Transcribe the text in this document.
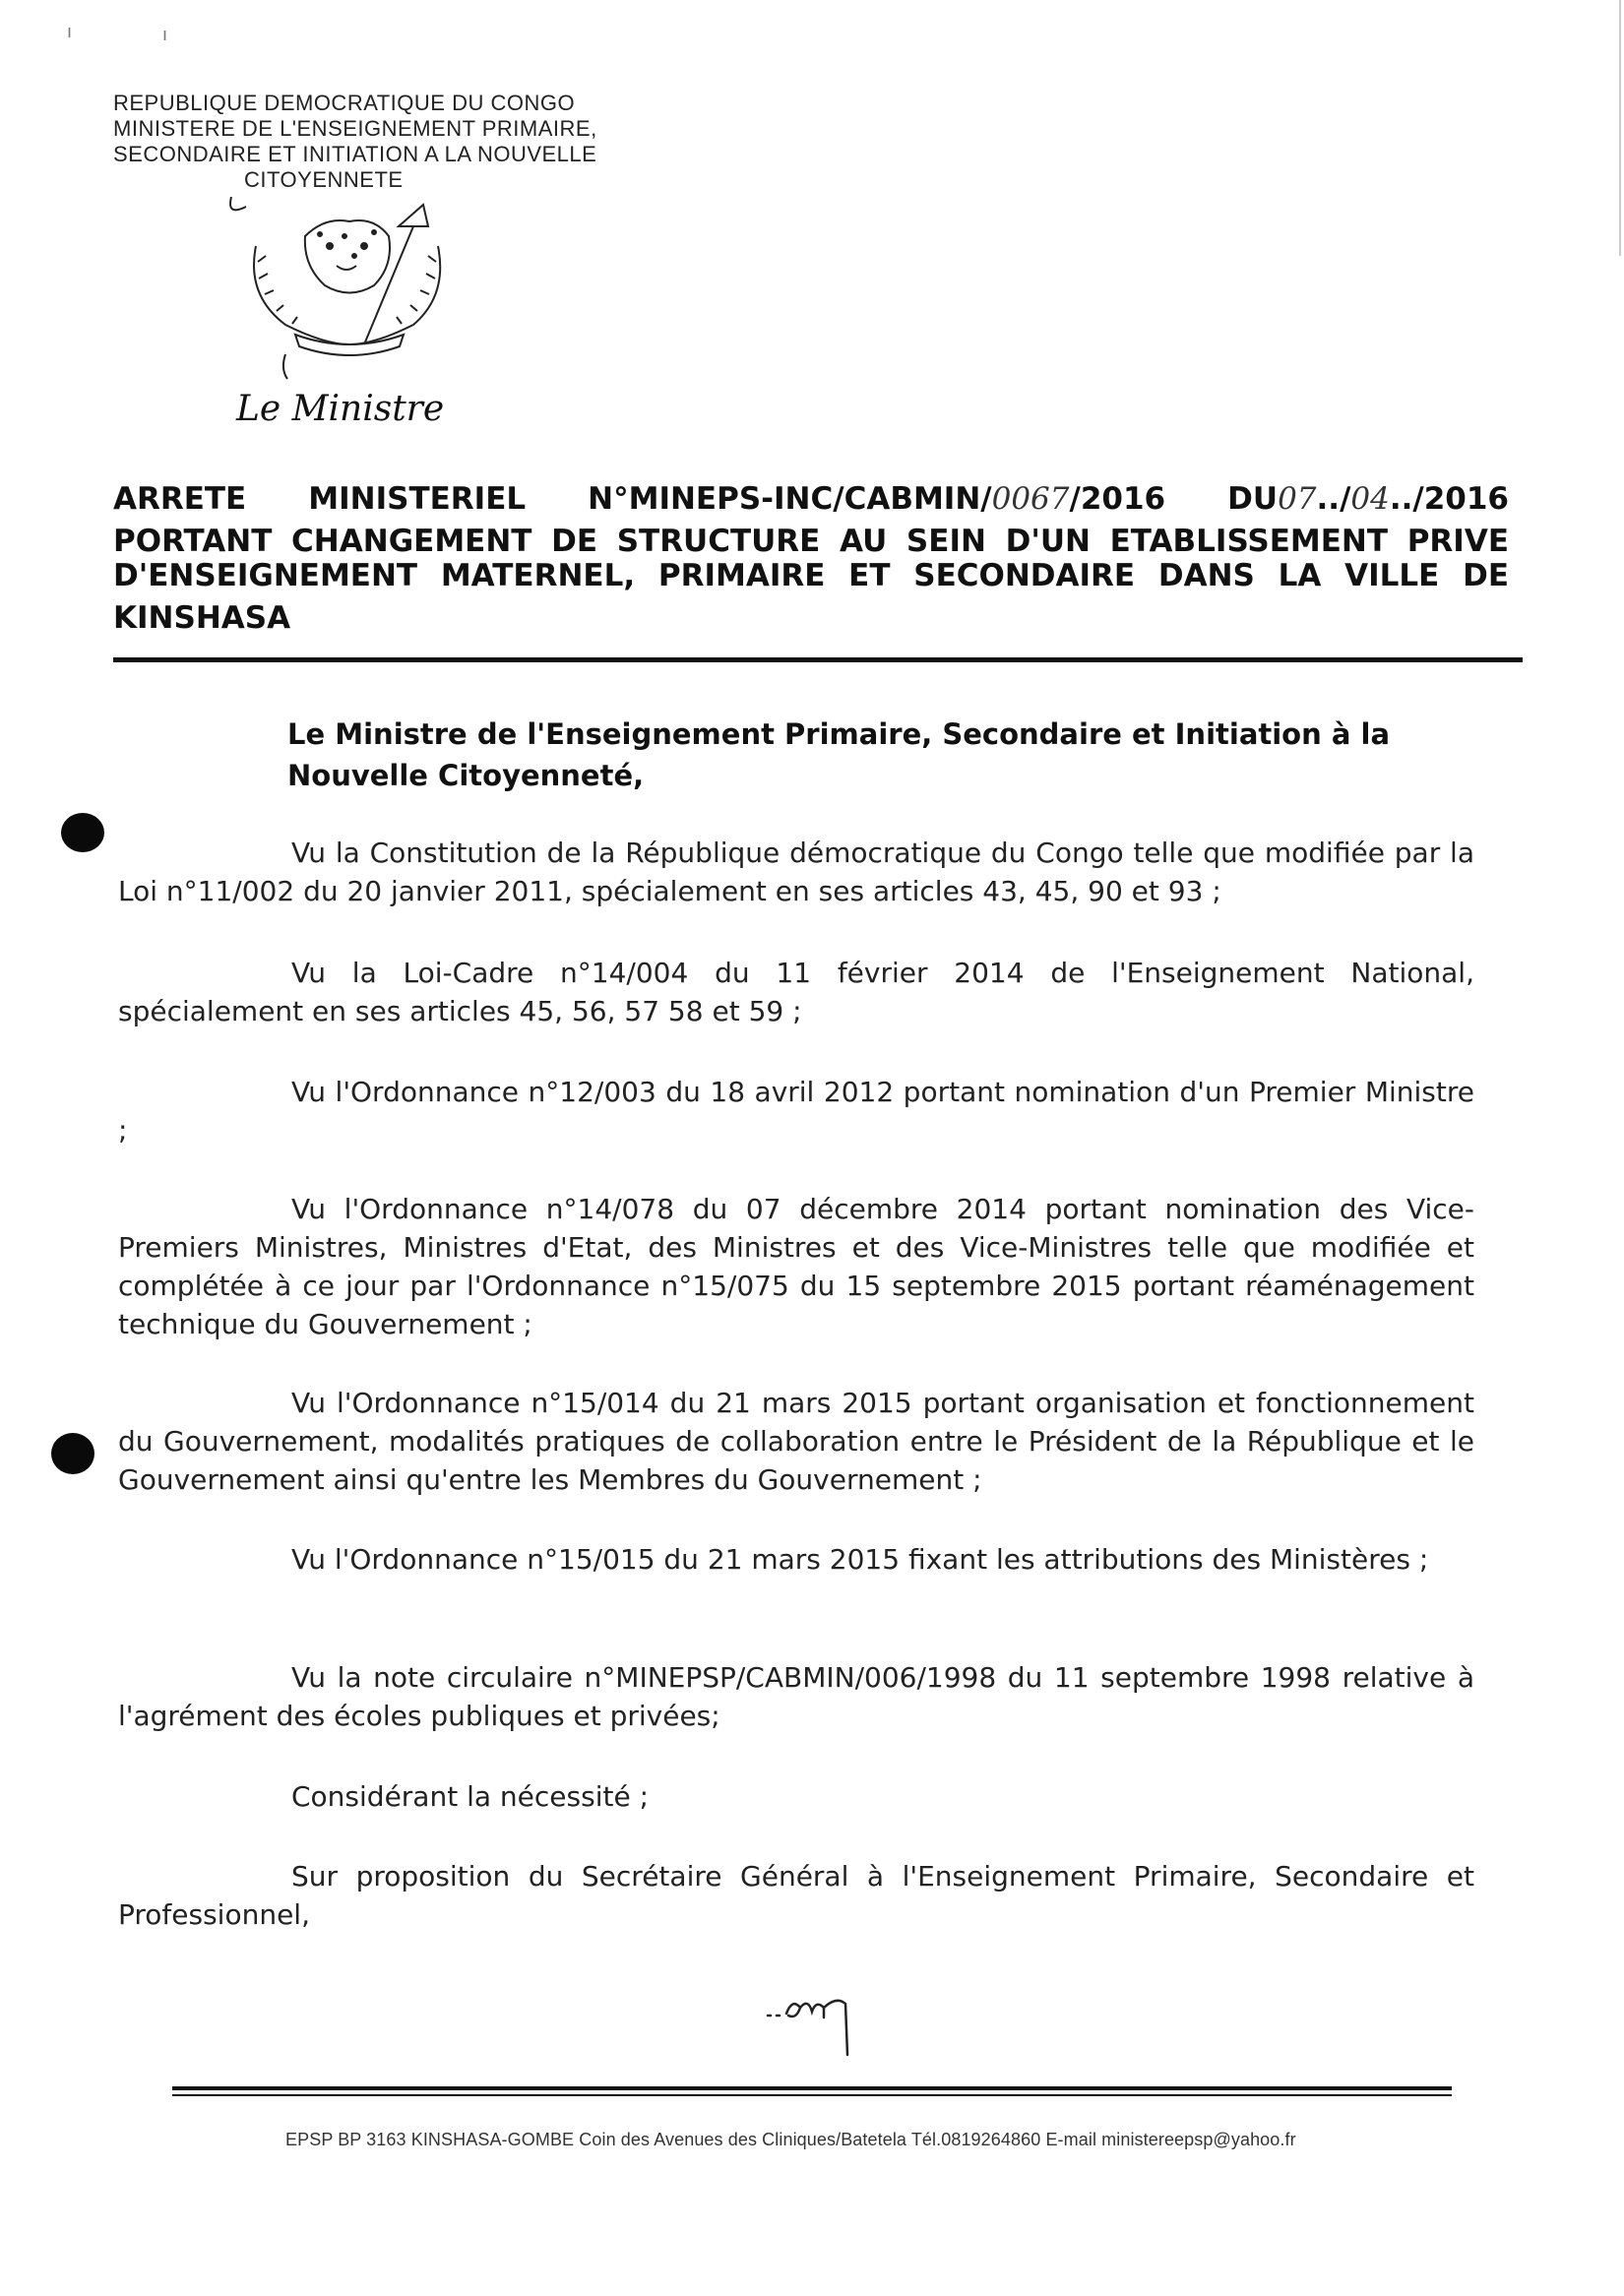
ı	ı
REPUBLIQUE DEMOCRATIQUE DU CONGO
MINISTERE DE L'ENSEIGNEMENT PRIMAIRE,
SECONDAIRE ET INITIATION A LA NOUVELLE
CITOYENNETE
Le Ministre
ARRETE MINISTERIEL N°MINEPS-INC/CABMIN/0067/2016 DU07../04../2016
PORTANT CHANGEMENT DE STRUCTURE AU SEIN D'UN ETABLISSEMENT PRIVE
D'ENSEIGNEMENT MATERNEL, PRIMAIRE ET SECONDAIRE DANS LA VILLE DE
KINSHASA
Le Ministre de l'Enseignement Primaire, Secondaire et Initiation à la
Nouvelle Citoyenneté,
Vu la Constitution de la République démocratique du Congo telle que modifiée par la Loi n°11/002 du 20 janvier 2011, spécialement en ses articles 43, 45, 90 et 93 ;
Vu la Loi-Cadre n°14/004 du 11 février 2014 de l'Enseignement National, spécialement en ses articles 45, 56, 57 58 et 59 ;
Vu l'Ordonnance n°12/003 du 18 avril 2012 portant nomination d'un Premier Ministre ;
Vu l'Ordonnance n°14/078 du 07 décembre 2014 portant nomination des Vice-Premiers Ministres, Ministres d'Etat, des Ministres et des Vice-Ministres telle que modifiée et complétée à ce jour par l'Ordonnance n°15/075 du 15 septembre 2015 portant réaménagement technique du Gouvernement ;
Vu l'Ordonnance n°15/014 du 21 mars 2015 portant organisation et fonctionnement du Gouvernement, modalités pratiques de collaboration entre le Président de la République et le Gouvernement ainsi qu'entre les Membres du Gouvernement ;
Vu l'Ordonnance n°15/015 du 21 mars 2015 fixant les attributions des Ministères ;
Vu la note circulaire n°MINEPSP/CABMIN/006/1998 du 11 septembre 1998 relative à l'agrément des écoles publiques et privées;
Considérant la nécessité ;
Sur proposition du Secrétaire Général à l'Enseignement Primaire, Secondaire et Professionnel,
EPSP BP 3163 KINSHASA-GOMBE Coin des Avenues des Cliniques/Batetela Tél.0819264860 E-mail ministereepsp@yahoo.fr
